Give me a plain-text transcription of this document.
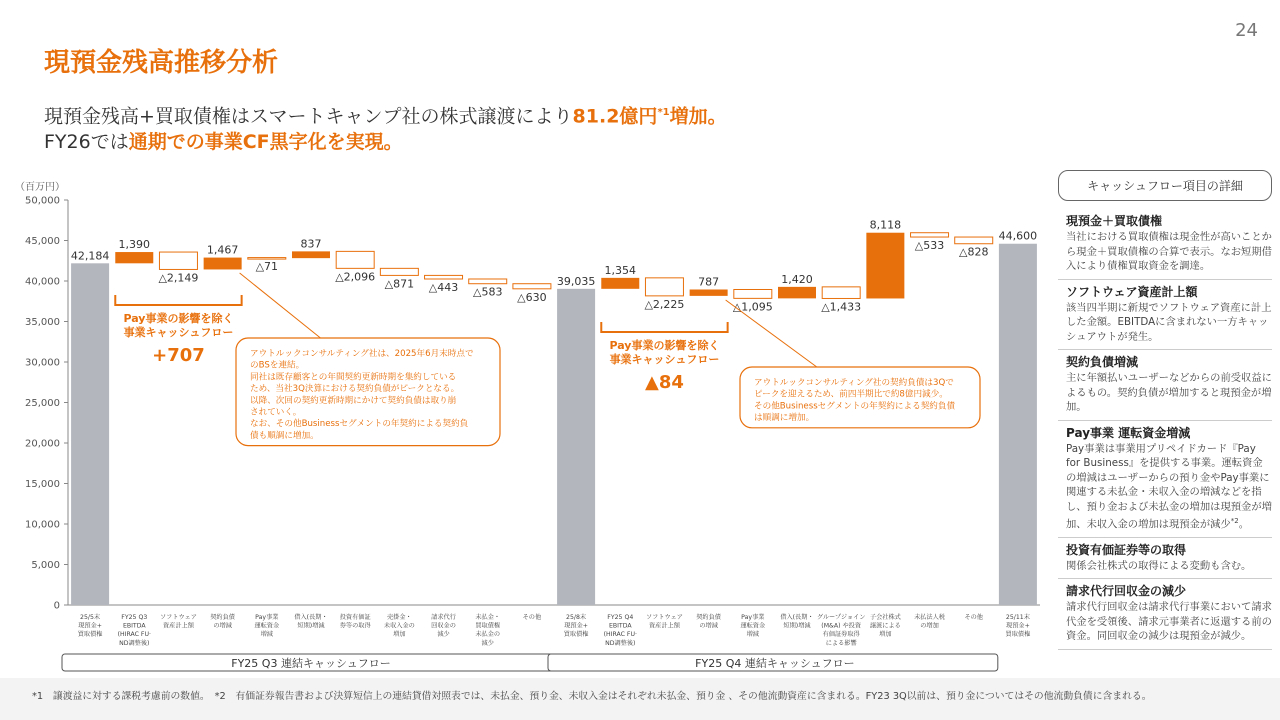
24
現預金残高推移分析
現預金残高+買取債権はスマートキャンプ社の株式譲渡により81.2億円$^{*1}$増加。
FY26では通期での事業CF黒字化を実現。
（百万円）
0
5,000
10,000
15,000
20,000
25,000
30,000
35,000
40,000
45,000
50,000
42,184
25/5末
現預金+
買取債権
1,390
FY25 Q3
EBITDA
(HIRAC FU·
ND調整後)
△2,149
ソフトウェア
資産計上額
1,467
契約負債
の増減
△71
Pay事業
運転資金
増減
837
借入(長期・
短期)増減
△2,096
投資有価証
券等の取得
△871
売掛金・
未収入金の
増加
△443
請求代行
回収金の
減少
△583
未払金・
買取債権
未払金の
減少
△630
その他
39,035
25/8末
現預金+
買取債権
1,354
FY25 Q4
EBITDA
(HIRAC FU·
ND調整後)
△2,225
ソフトウェア
資産計上額
787
契約負債
の増減
△1,095
Pay事業
運転資金
増減
1,420
借入(長期・
短期)増減
△1,433
グループジョイン
(M&A) や投資
有価証券取得
による影響
8,118
子会社株式
譲渡による
増加
△533
未払法人税
の増加
△828
その他
44,600
25/11末
現預金+
買取債権
FY25 Q3 連結キャッシュフロー	FY25 Q4 連結キャッシュフロー
Pay事業の影響を除く
事業キャッシュフロー
+707	Pay事業の影響を除く
事業キャッシュフロー
▲84
アウトルックコンサルティング社は、2025年6月末時点で
のBSを連結。
同社は既存顧客との年間契約更新時期を集約している
ため、当社3Q決算における契約負債がピークとなる。
以降、次回の契約更新時期にかけて契約負債は取り崩
されていく。
なお、その他Businessセグメントの年契約による契約負
債も順調に増加。
アウトルックコンサルティング社の契約負債は3Qで
ピークを迎えるため、前四半期比で約8億円減少。
その他Businessセグメントの年契約による契約負債
は順調に増加。
キャッシュフロー項目の詳細
現預金＋買取債権
当社における買取債権は現金性が高いことから現金＋買取債権の合算で表示。なお短期借入により債権買取資金を調達。
ソフトウェア資産計上額
該当四半期に新規でソフトウェア資産に計上した金額。EBITDAに含まれない一方キャッシュアウトが発生。
契約負債増減
主に年額払いユーザーなどからの前受収益によるもの。契約負債が増加すると現預金が増加。
Pay事業 運転資金増減
Pay事業は事業用プリペイドカード『Pay for Business』を提供する事業。運転資金の増減はユーザーからの預り金やPay事業に関連する未払金・未収入金の増減などを指し、預り金および未払金の増加は現預金が増加、未収入金の増加は現預金が減少$^{*2}$。
投資有価証券等の取得
関係会社株式の取得による変動も含む。
請求代行回収金の減少
請求代行回収金は請求代行事業において請求代金を受領後、請求元事業者に返還する前の資金。同回収金の減少は現預金が減少。
*1　譲渡益に対する課税考慮前の数値。　*2　有価証券報告書および決算短信上の連結貸借対照表では、未払金、預り金、未収入金はそれぞれ未払金、預り金 、その他流動資産に含まれる。FY23 3Q以前は、預り金についてはその他流動負債に含まれる。
